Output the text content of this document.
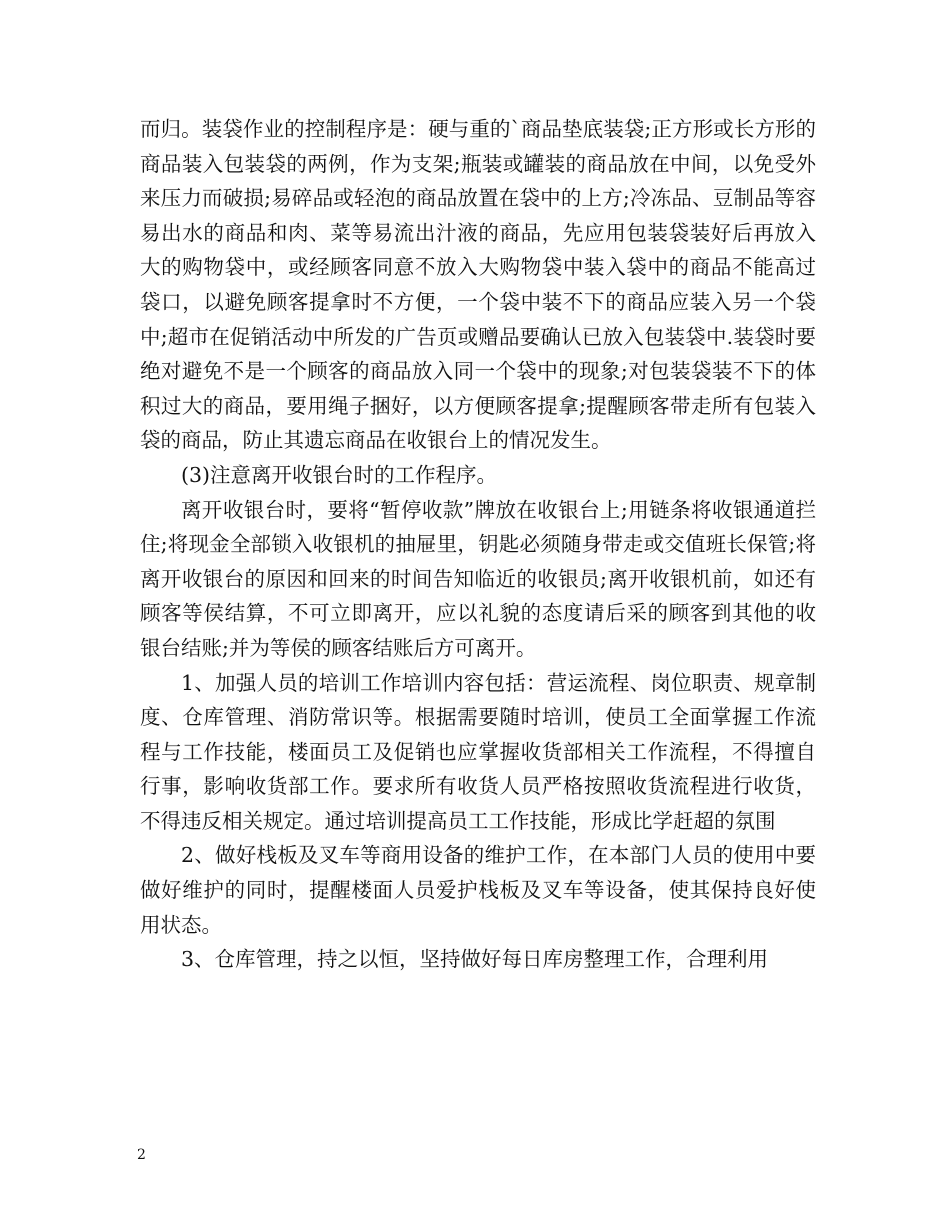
而归。装袋作业的控制程序是：硬与重的`商品垫底装袋;正方形或长方形的商品装入包装袋的两例，作为支架;瓶装或罐装的商品放在中间，以免受外来压力而破损;易碎品或轻泡的商品放置在袋中的上方;冷冻品、豆制品等容易出水的商品和肉、菜等易流出汁液的商品，先应用包装袋装好后再放入大的购物袋中，或经顾客同意不放入大购物袋中装入袋中的商品不能高过袋口，以避免顾客提拿时不方便，一个袋中装不下的商品应装入另一个袋中;超市在促销活动中所发的广告页或赠品要确认已放入包装袋中.装袋时要绝对避免不是一个顾客的商品放入同一个袋中的现象;对包装袋装不下的体积过大的商品，要用绳子捆好，以方便顾客提拿;提醒顾客带走所有包装入袋的商品，防止其遗忘商品在收银台上的情况发生。

(3)注意离开收银台时的工作程序。

离开收银台时，要将“暂停收款”牌放在收银台上;用链条将收银通道拦住;将现金全部锁入收银机的抽屉里，钥匙必须随身带走或交值班长保管;将离开收银台的原因和回来的时间告知临近的收银员;离开收银机前，如还有顾客等侯结算，不可立即离开，应以礼貌的态度请后采的顾客到其他的收银台结账;并为等侯的顾客结账后方可离开。

1、加强人员的培训工作培训内容包括：营运流程、岗位职责、规章制度、仓库管理、消防常识等。根据需要随时培训，使员工全面掌握工作流程与工作技能，楼面员工及促销也应掌握收货部相关工作流程，不得擅自行事，影响收货部工作。要求所有收货人员严格按照收货流程进行收货，不得违反相关规定。通过培训提高员工工作技能，形成比学赶超的氛围

2、做好栈板及叉车等商用设备的维护工作，在本部门人员的使用中要做好维护的同时，提醒楼面人员爱护栈板及叉车等设备，使其保持良好使用状态。

3、仓库管理，持之以恒，坚持做好每日库房整理工作，合理利用

2
